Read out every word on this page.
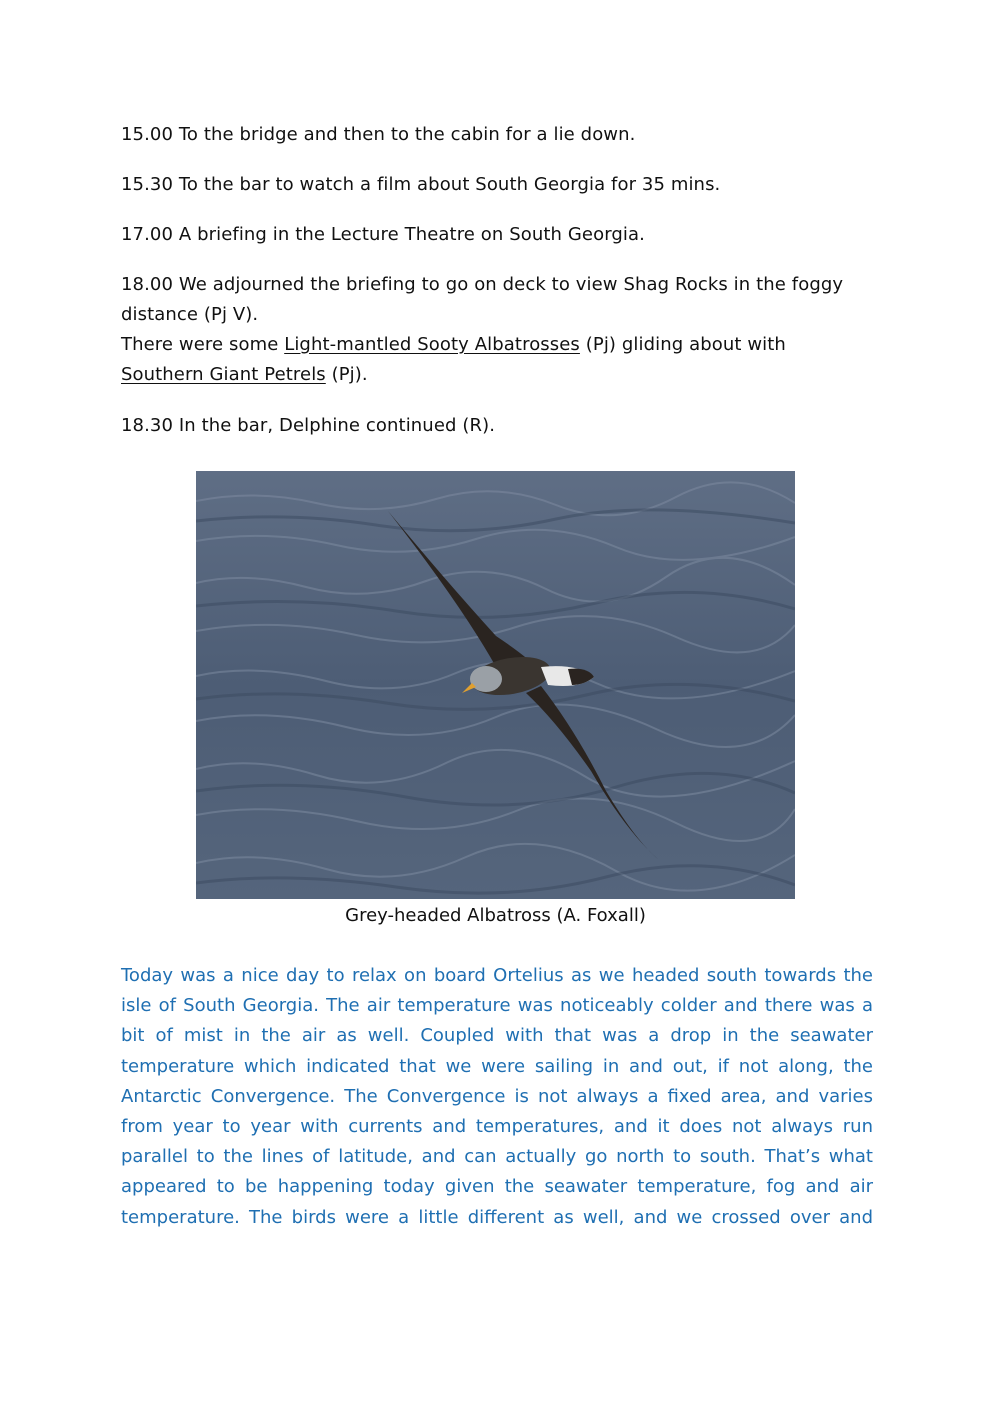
15.00 To the bridge and then to the cabin for a lie down.
15.30 To the bar to watch a film about South Georgia for 35 mins.
17.00 A briefing in the Lecture Theatre on South Georgia.
18.00 We adjourned the briefing to go on deck to view Shag Rocks in the foggy
distance (Pj V).
There were some Light-mantled Sooty Albatrosses (Pj) gliding about with
Southern Giant Petrels (Pj).
18.30 In the bar, Delphine continued (R).
Grey-headed Albatross (A. Foxall)
Today was a nice day to relax on board Ortelius as we headed south towards the
isle of South Georgia. The air temperature was noticeably colder and there was a
bit of mist in the air as well. Coupled with that was a drop in the seawater
temperature which indicated that we were sailing in and out, if not along, the
Antarctic Convergence. The Convergence is not always a fixed area, and varies
from year to year with currents and temperatures, and it does not always run
parallel to the lines of latitude, and can actually go north to south. That’s what
appeared to be happening today given the seawater temperature, fog and air
temperature. The birds were a little different as well, and we crossed over and
